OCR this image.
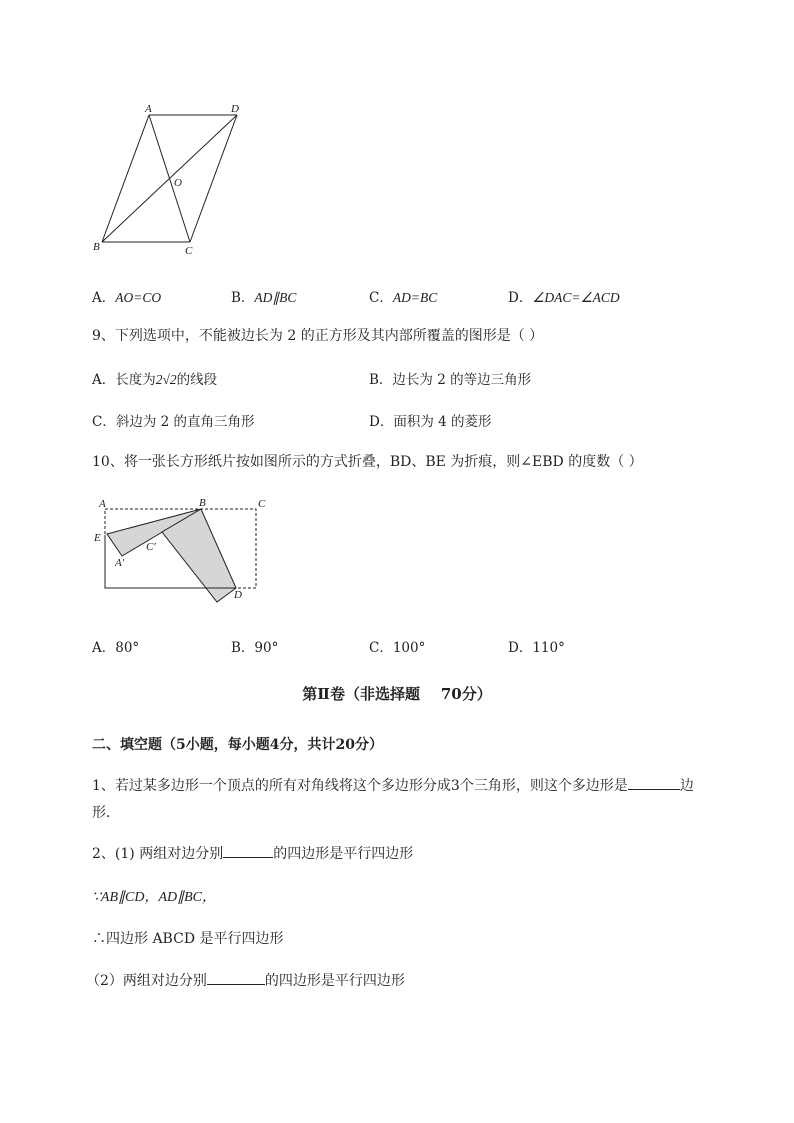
A	D
O
B	C
A．AO=CO	B．AD∥BC	C．AD=BC	D．∠DAC=∠ACD
9、下列选项中，不能被边长为 2 的正方形及其内部所覆盖的图形是（ ）
A．长度为2√2的线段	B．边长为 2 的等边三角形
C．斜边为 2 的直角三角形	D．面积为 4 的菱形
10、将一张长方形纸片按如图所示的方式折叠，BD、BE 为折痕，则∠EBD 的度数（ ）
A	B	C
E
A′
C′
D
A．80°	B．90°	C．100°	D．110°
第Ⅱ卷（非选择题    70分）
二、填空题（5小题，每小题4分，共计20分）
1、若过某多边形一个顶点的所有对角线将这个多边形分成3个三角形，则这个多边形是	边
形．
2、(1) 两组对边分别	的四边形是平行四边形
∵AB∥CD，AD∥BC，
∴四边形 ABCD 是平行四边形
（2）两组对边分别	的四边形是平行四边形
